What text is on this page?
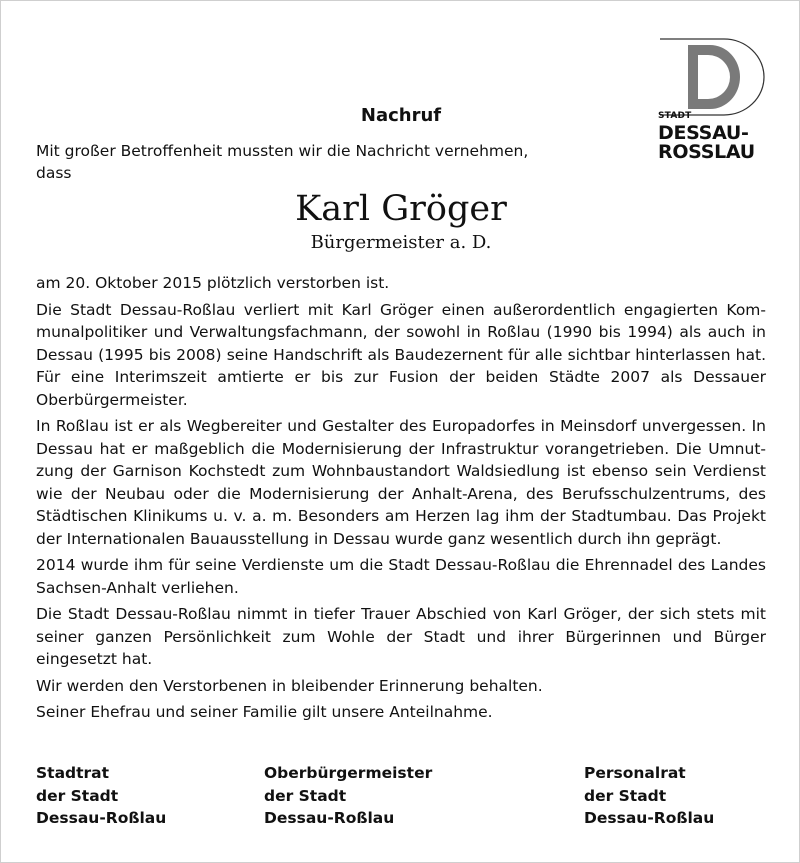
STADT
DESSAU-
ROSSLAU
Nachruf
Mit großer Betroffenheit mussten wir die Nachricht vernehmen,
dass
Karl Gröger
Bürgermeister a. D.

am 20. Oktober 2015 plötzlich verstorben ist.

Die Stadt Dessau-Roßlau verliert mit Karl Gröger einen außerordentlich engagierten Kommunalpolitiker und Verwaltungsfachmann, der sowohl in Roßlau (1990 bis 1994) als auch in Dessau (1995 bis 2008) seine Handschrift als Baudezernent für alle sichtbar hinterlassen hat. Für eine Interimszeit amtierte er bis zur Fusion der beiden Städte 2007 als Dessauer Oberbürgermeister.

In Roßlau ist er als Wegbereiter und Gestalter des Europadorfes in Meinsdorf unvergessen. In Dessau hat er maßgeblich die Modernisierung der Infrastruktur vorangetrieben. Die Umnutzung der Garnison Kochstedt zum Wohnbaustandort Waldsiedlung ist ebenso sein Verdienst wie der Neubau oder die Modernisierung der Anhalt-Arena, des Berufsschulzentrums, des Städtischen Klinikums u. v. a. m. Besonders am Herzen lag ihm der Stadtumbau. Das Projekt der Internationalen Bauausstellung in Dessau wurde ganz wesentlich durch ihn geprägt.

2014 wurde ihm für seine Verdienste um die Stadt Dessau-Roßlau die Ehrennadel des Landes Sachsen-Anhalt verliehen.

Die Stadt Dessau-Roßlau nimmt in tiefer Trauer Abschied von Karl Gröger, der sich stets mit seiner ganzen Persönlichkeit zum Wohle der Stadt und ihrer Bürgerinnen und Bürger eingesetzt hat.

Wir werden den Verstorbenen in bleibender Erinnerung behalten.

Seiner Ehefrau und seiner Familie gilt unsere Anteilnahme.

Stadtrat
der Stadt
Dessau-Roßlau
Oberbürgermeister
der Stadt
Dessau-Roßlau
Personalrat
der Stadt
Dessau-Roßlau
